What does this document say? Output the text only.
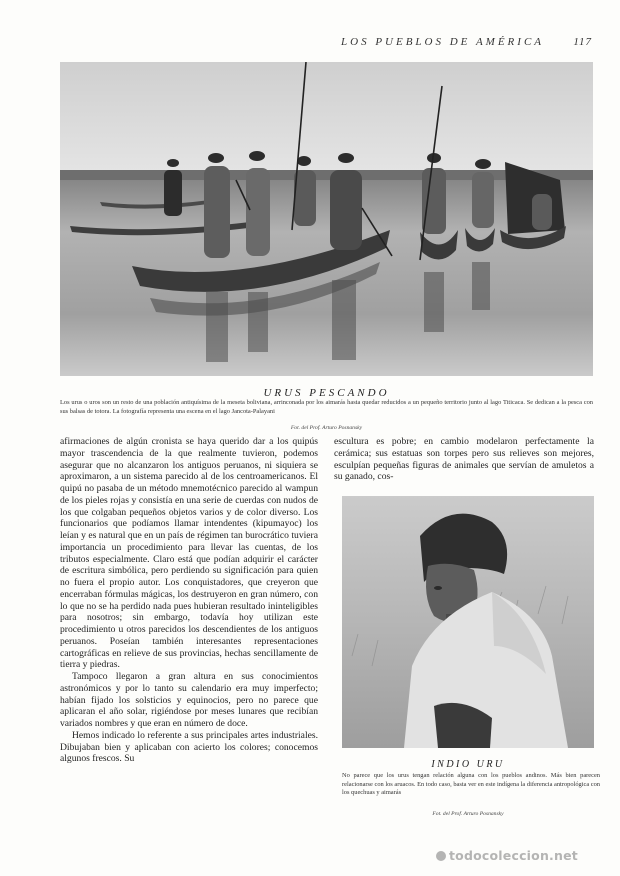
LOS PUEBLOS DE AMÉRICA	117
URUS PESCANDO
Los urus o uros son un resto de una población antiquísima de la meseta boliviana, arrinconada por los aimarás hasta quedar reducidos a un pequeño territorio junto al lago Titicaca. Se dedican a la pesca con sus balsas de totora. La fotografía representa una escena en el lago Jancota-Palayani
Fot. del Prof. Arturo Posnansky

afirmaciones de algún cronista se haya querido dar a los quipús mayor trascendencia de la que realmente tuvieron, podemos asegurar que no alcanzaron los antiguos peruanos, ni siquiera se aproximaron, a un sistema parecido al de los centroamericanos. El quipú no pasaba de un método mnemotécnico parecido al wampun de los pieles rojas y consistía en una serie de cuerdas con nudos de los que colgaban pequeños objetos varios y de color diverso. Los funcionarios que podíamos llamar intendentes (kipumayoc) los leían y es natural que en un país de régimen tan burocrático tuviera importancia un procedimiento para llevar las cuentas, de los tributos especialmente. Claro está que podían adquirir el carácter de escritura simbólica, pero perdiendo su significación para quien no fuera el propio autor. Los conquistadores, que creyeron que encerraban fórmulas mágicas, los destruyeron en gran número, con lo que no se ha perdido nada pues hubieran resultado ininteligibles para nosotros; sin embargo, todavía hoy utilizan este procedimiento u otros parecidos los descendientes de los antiguos peruanos. Poseían también interesantes representaciones cartográficas en relieve de sus provincias, hechas sencillamente de tierra y piedras.

Tampoco llegaron a gran altura en sus conocimientos astronómicos y por lo tanto su calendario era muy imperfecto; habían fijado los solsticios y equinocios, pero no parece que aplicaran el año solar, rigiéndose por meses lunares que recibían variados nombres y que eran en número de doce.

Hemos indicado lo referente a sus principales artes industriales. Dibujaban bien y aplicaban con acierto los colores; conocemos algunos frescos. Su

escultura es pobre; en cambio modelaron perfectamente la cerámica; sus estatuas son torpes pero sus relieves son mejores, esculpían pequeñas figuras de animales que servían de amuletos a su ganado, cos-
INDIO URU
No parece que los urus tengan relación alguna con los pueblos andinos. Más bien parecen relacionarse con los aruacos. En todo caso, basta ver en este indígena la diferencia antropológica con los quechuas y aimarás
Fot. del Prof. Arturo Posnansky
todocoleccion.net
